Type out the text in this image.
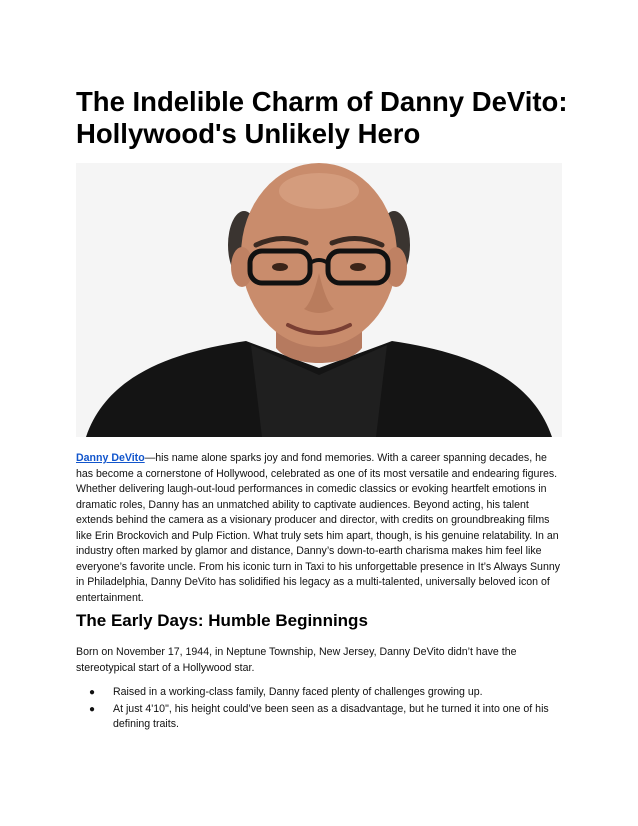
The Indelible Charm of Danny DeVito:
Hollywood's Unlikely Hero

Danny DeVito—his name alone sparks joy and fond memories. With a career spanning decades, he has become a cornerstone of Hollywood, celebrated as one of its most versatile and endearing figures. Whether delivering laugh-out-loud performances in comedic classics or evoking heartfelt emotions in dramatic roles, Danny has an unmatched ability to captivate audiences. Beyond acting, his talent extends behind the camera as a visionary producer and director, with credits on groundbreaking films like Erin Brockovich and Pulp Fiction. What truly sets him apart, though, is his genuine relatability. In an industry often marked by glamor and distance, Danny’s down-to-earth charisma makes him feel like everyone’s favorite uncle. From his iconic turn in Taxi to his unforgettable presence in It’s Always Sunny in Philadelphia, Danny DeVito has solidified his legacy as a multi-talented, universally beloved icon of entertainment.

The Early Days: Humble Beginnings

Born on November 17, 1944, in Neptune Township, New Jersey, Danny DeVito didn’t have the stereotypical start of a Hollywood star.

● Raised in a working-class family, Danny faced plenty of challenges growing up.
● At just 4'10", his height could’ve been seen as a disadvantage, but he turned it into one of his defining traits.
